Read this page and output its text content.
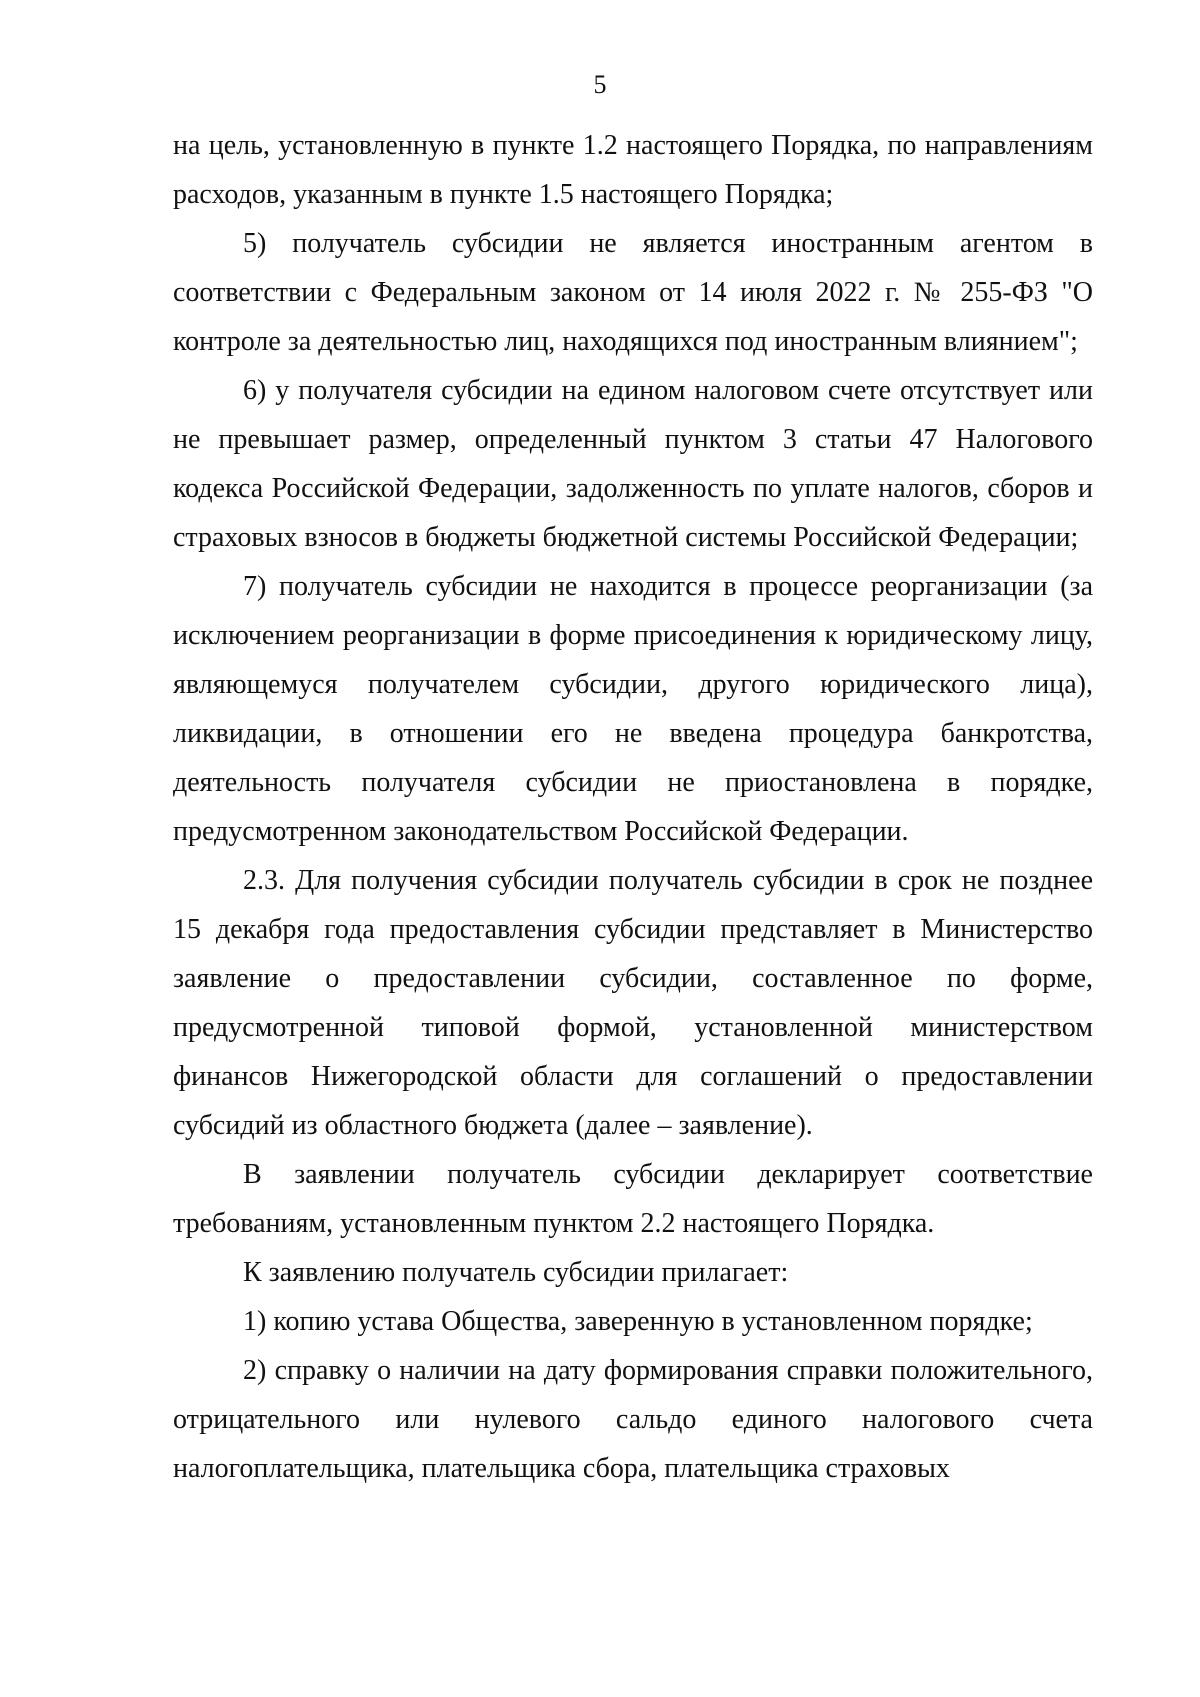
5

на цель, установленную в пункте 1.2 настоящего Порядка, по направлениям расходов, указанным в пункте 1.5 настоящего Порядка;

5) получатель субсидии не является иностранным агентом в соответствии с Федеральным законом от 14 июля 2022 г. № 255-ФЗ "О контроле за деятельностью лиц, находящихся под иностранным влиянием";

6) у получателя субсидии на едином налоговом счете отсутствует или не превышает размер, определенный пунктом 3 статьи 47 Налогового кодекса Российской Федерации, задолженность по уплате налогов, сборов и страховых взносов в бюджеты бюджетной системы Российской Федерации;

7) получатель субсидии не находится в процессе реорганизации (за исключением реорганизации в форме присоединения к юридическому лицу, являющемуся получателем субсидии, другого юридического лица), ликвидации, в отношении его не введена процедура банкротства, деятельность получателя субсидии не приостановлена в порядке, предусмотренном законодательством Российской Федерации.

2.3. Для получения субсидии получатель субсидии в срок не позднее 15 декабря года предоставления субсидии представляет в Министерство заявление о предоставлении субсидии, составленное по форме, предусмотренной типовой формой, установленной министерством финансов Нижегородской области для соглашений о предоставлении субсидий из областного бюджета (далее – заявление).

В заявлении получатель субсидии декларирует соответствие требованиям, установленным пунктом 2.2 настоящего Порядка.

К заявлению получатель субсидии прилагает:

1) копию устава Общества, заверенную в установленном порядке;

2) справку о наличии на дату формирования справки положительного, отрицательного или нулевого сальдо единого налогового счета налогоплательщика, плательщика сбора, плательщика страховых
